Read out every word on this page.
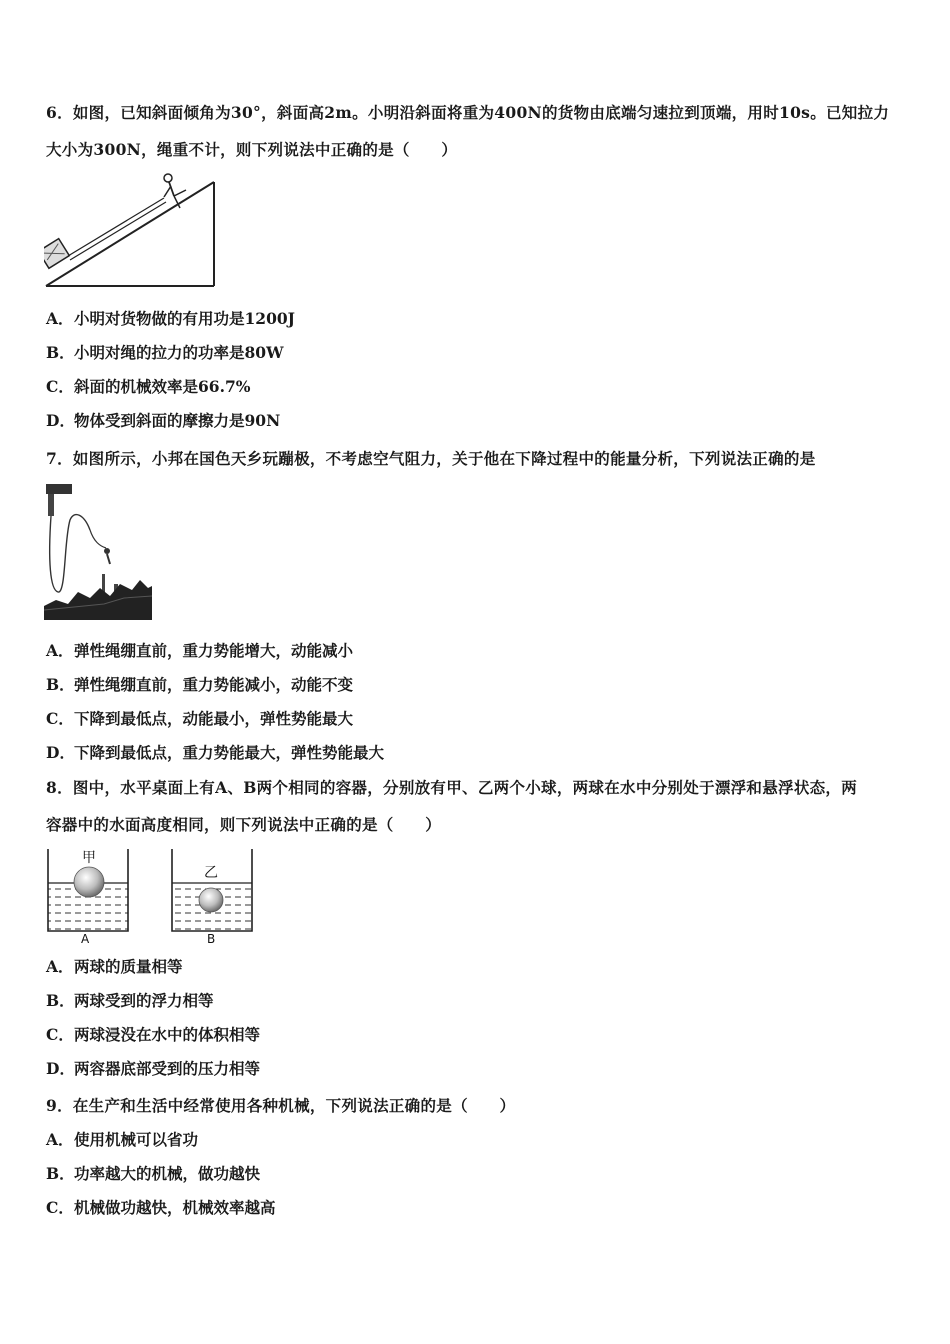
6．如图，已知斜面倾角为30°，斜面高2m。小明沿斜面将重为400N的货物由底端匀速拉到顶端，用时10s。已知拉力
大小为300N，绳重不计，则下列说法中正确的是（　　）
A．小明对货物做的有用功是1200J
B．小明对绳的拉力的功率是80W
C．斜面的机械效率是66.7%
D．物体受到斜面的摩擦力是90N
7．如图所示，小邦在国色天乡玩蹦极，不考虑空气阻力，关于他在下降过程中的能量分析，下列说法正确的是
A．弹性绳绷直前，重力势能增大，动能减小
B．弹性绳绷直前，重力势能减小，动能不变
C．下降到最低点，动能最小，弹性势能最大
D．下降到最低点，重力势能最大，弹性势能最大
8．图中，水平桌面上有A、B两个相同的容器，分别放有甲、乙两个小球，两球在水中分别处于漂浮和悬浮状态，两
容器中的水面高度相同，则下列说法中正确的是（　　）
甲
A
乙
B
A．两球的质量相等
B．两球受到的浮力相等
C．两球浸没在水中的体积相等
D．两容器底部受到的压力相等
9．在生产和生活中经常使用各种机械，下列说法正确的是（　　）
A．使用机械可以省功
B．功率越大的机械，做功越快
C．机械做功越快，机械效率越高
